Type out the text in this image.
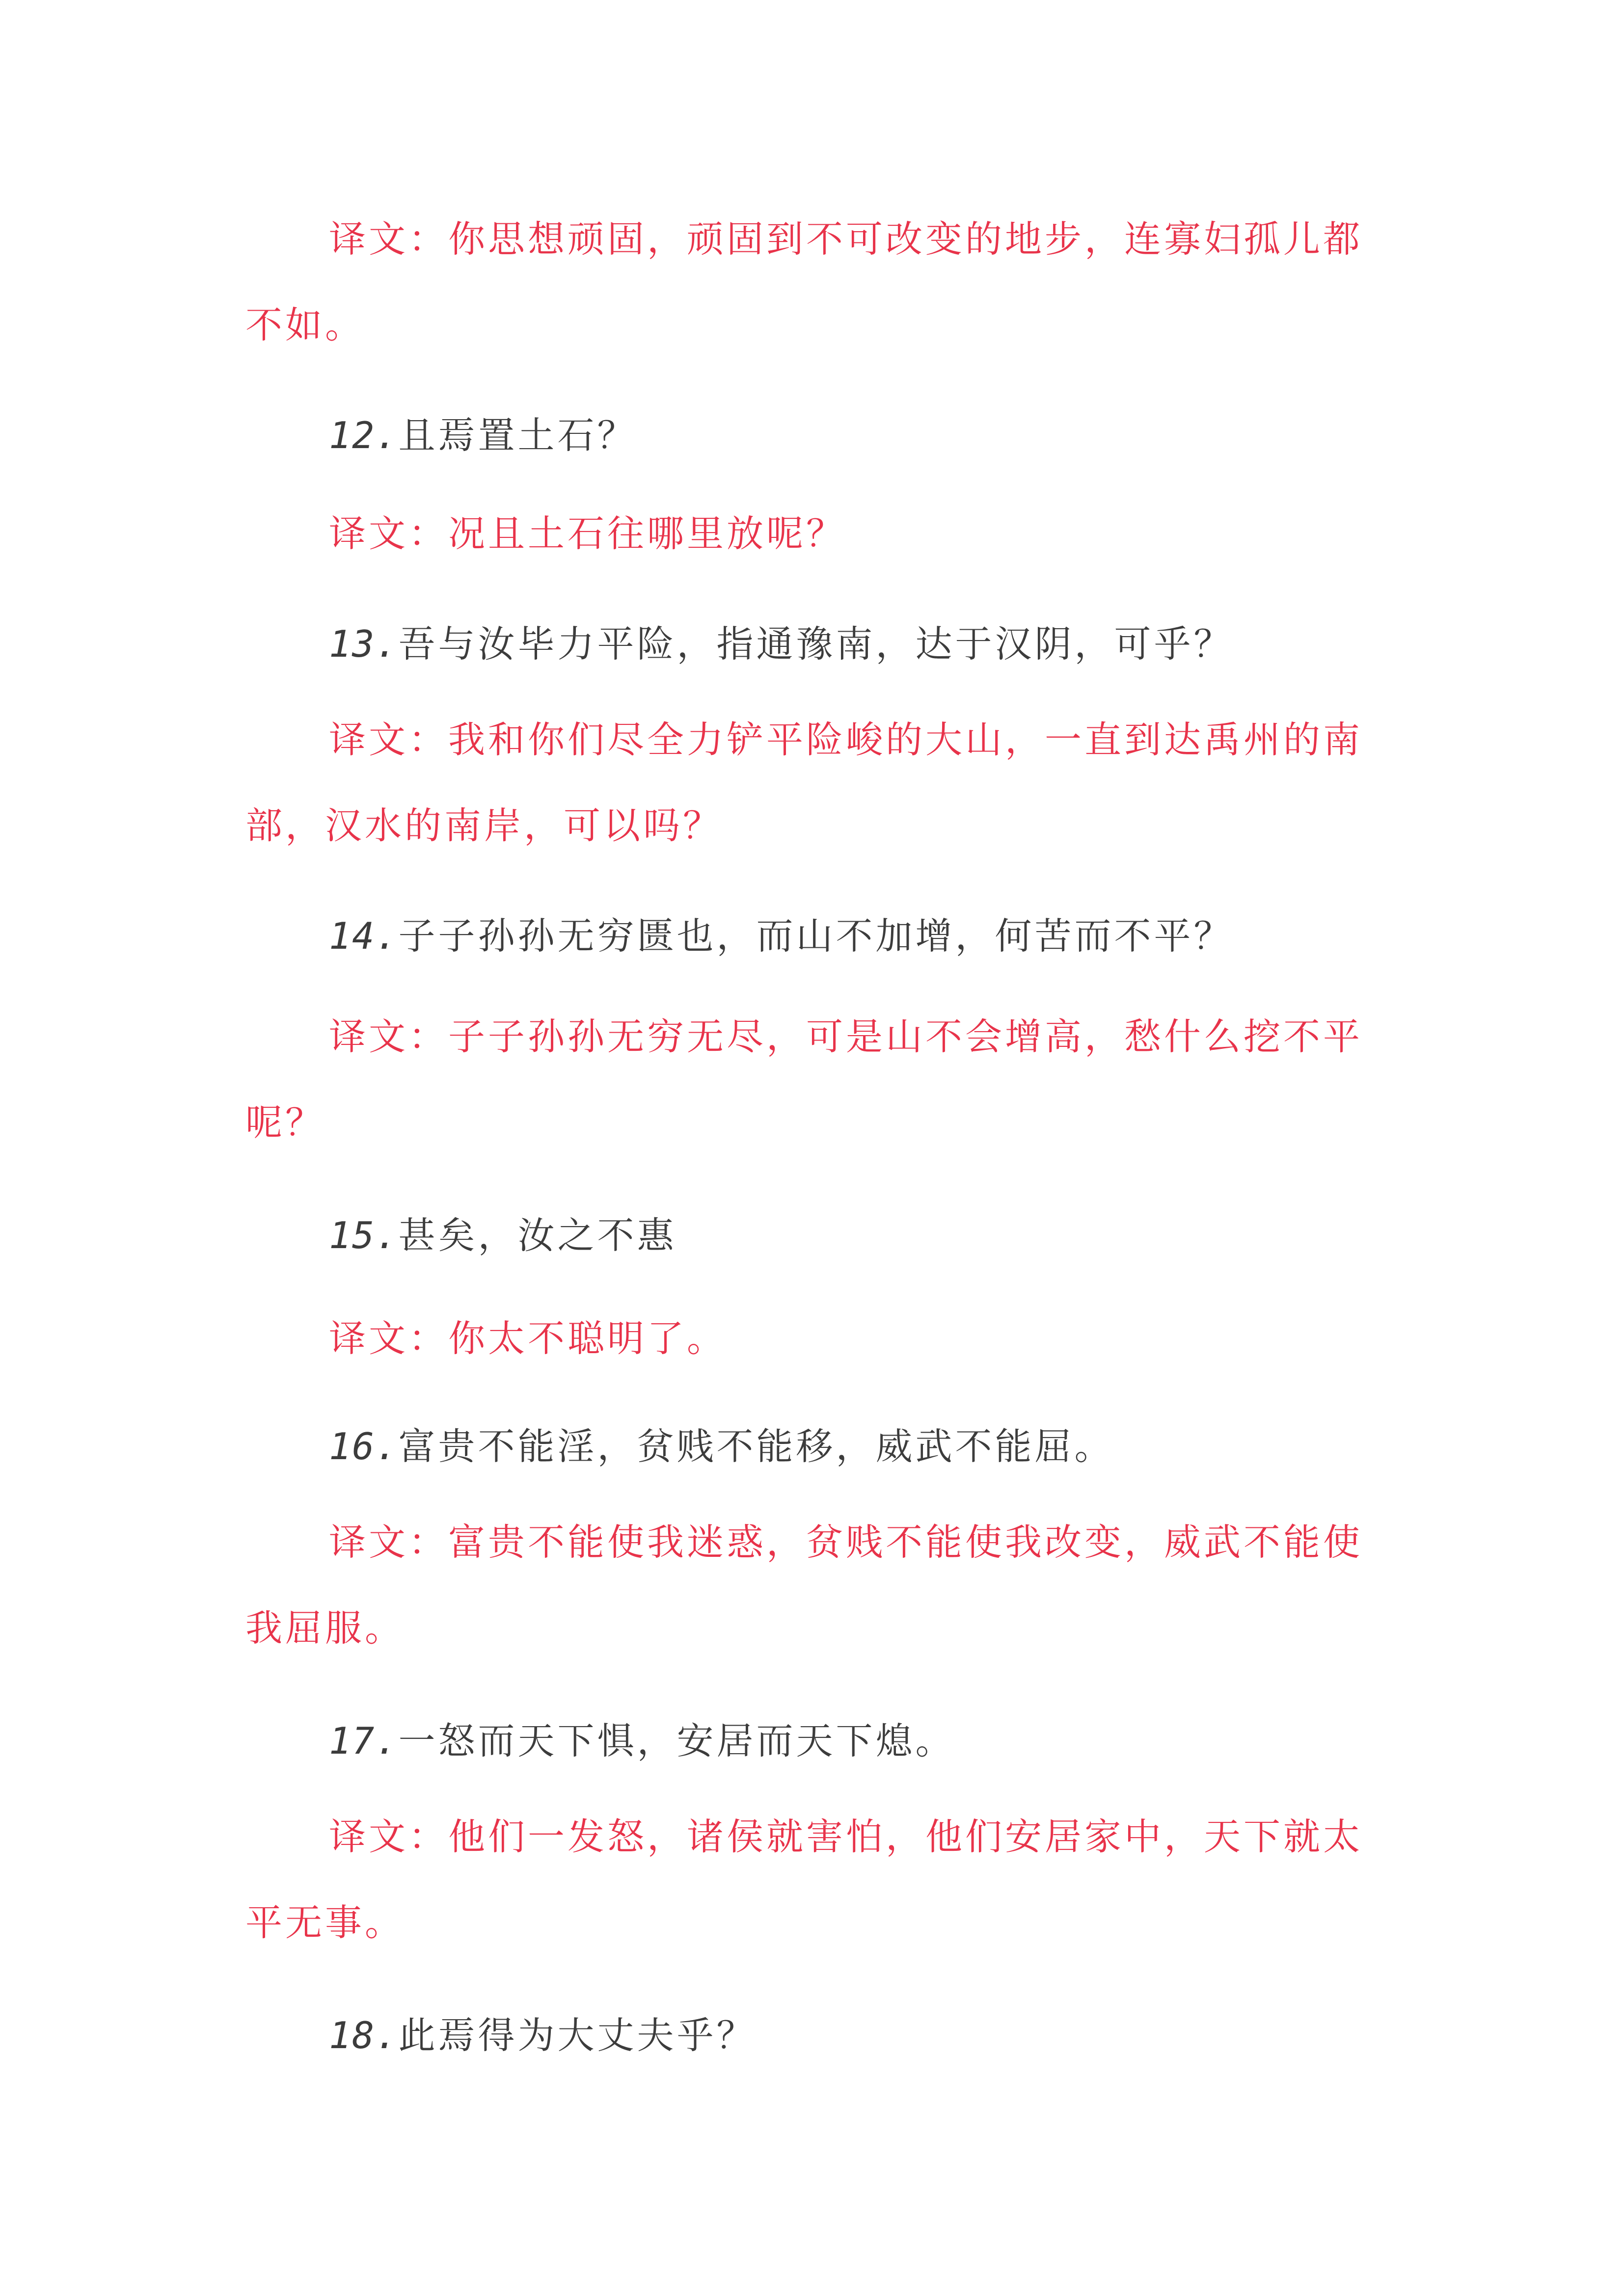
译文：你思想顽固，顽固到不可改变的地步，连寡妇孤儿都不如。

12.且焉置土石？

译文：况且土石往哪里放呢？

13.吾与汝毕力平险，指通豫南，达于汉阴，可乎？

译文：我和你们尽全力铲平险峻的大山，一直到达禹州的南部，汉水的南岸，可以吗？

14.子子孙孙无穷匮也，而山不加增，何苦而不平？

译文：子子孙孙无穷无尽，可是山不会增高，愁什么挖不平呢？

15.甚矣，汝之不惠

译文：你太不聪明了。

16.富贵不能淫，贫贱不能移，威武不能屈。

译文：富贵不能使我迷惑，贫贱不能使我改变，威武不能使我屈服。

17.一怒而天下惧，安居而天下熄。

译文：他们一发怒，诸侯就害怕，他们安居家中，天下就太平无事。

18.此焉得为大丈夫乎？
